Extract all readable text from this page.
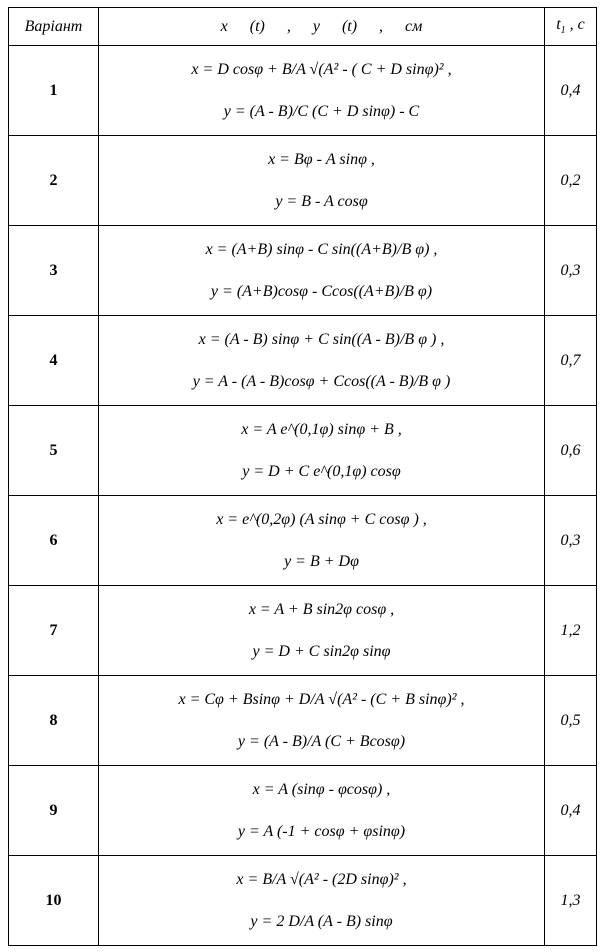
Варіант	x (t) , y (t) , см	$t_1$ , c
1	x = D cosφ + B/A √(A² - ( C + D sinφ)² ,
y = (A - B)/C (C + D sinφ) - C	0,4
2	x = Bφ - A sinφ ,
y = B - A cosφ	0,2
3	x = (A+B) sinφ - C sin((A+B)/B φ) ,
y = (A+B)cosφ - Ccos((A+B)/B φ)	0,3
4	x = (A - B) sinφ + C sin((A - B)/B φ ) ,
y = A - (A - B)cosφ + Ccos((A - B)/B φ )	0,7
5	x = A e^(0,1φ) sinφ + B ,
y = D + C e^(0,1φ) cosφ	0,6
6	x = e^(0,2φ) (A sinφ + C cosφ ) ,
y = B + Dφ	0,3
7	x = A + B sin2φ cosφ ,
y = D + C sin2φ sinφ	1,2
8	x = Cφ + Bsinφ + D/A √(A² - (C + B sinφ)² ,
y = (A - B)/A (C + Bcosφ)	0,5
9	x = A (sinφ - φcosφ) ,
y = A (-1 + cosφ + φsinφ)	0,4
10	x = B/A √(A² - (2D sinφ)² ,
y = 2 D/A (A - B) sinφ	1,3
